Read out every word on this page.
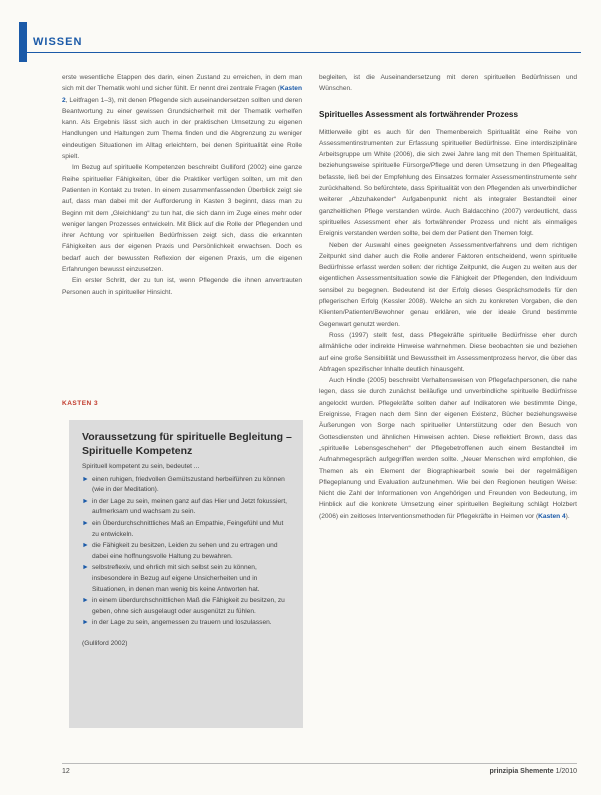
WISSEN

erste wesentliche Etappen des darin, einen Zustand zu erreichen, in dem man sich mit der Thematik wohl und sicher fühlt. Er nennt drei zentrale Fragen (Kasten 2, Leitfragen 1–3), mit denen Pflegende sich auseinandersetzen sollten und deren Beantwortung zu einer gewissen Grundsicherheit mit der Thematik verhelfen kann. Als Ergebnis lässt sich auch in der praktischen Umsetzung zu eigenen Handlungen und Haltungen zum Thema finden und die Abgrenzung zu weniger eindeutigen Situationen im Alltag erleichtern, bei denen Spiritualität eine Rolle spielt.

Im Bezug auf spirituelle Kompetenzen beschreibt Gulliford (2002) eine ganze Reihe spiritueller Fähigkeiten, über die Praktiker verfügen sollten, um mit den Patienten in Kontakt zu treten. In einem zusammenfassenden Überblick zeigt sie auf, dass man dabei mit der Aufforderung in Kasten 3 beginnt, dass man zu Beginn mit dem „Gleichklang“ zu tun hat, die sich dann im Zuge eines mehr oder weniger langen Prozesses entwickeln. Mit Blick auf die Rolle der Pflegenden und ihrer Achtung vor spirituellen Bedürfnissen zeigt sich, dass die erkannten Fähigkeiten aus der eigenen Praxis und Persönlichkeit erwachsen. Doch es bedarf auch der bewussten Reflexion der eigenen Praxis, um die eigenen Erfahrungen bewusst einzusetzen.

Ein erster Schritt, der zu tun ist, wenn Pflegende die ihnen anvertrauten Personen auch in spiritueller Hinsicht.

KASTEN 3
Voraussetzung für spirituelle Begleitung – Spirituelle Kompetenz

Spirituell kompetent zu sein, bedeutet ...

► einen ruhigen, friedvollen Gemütszustand herbeiführen zu können (wie in der Meditation).
► in der Lage zu sein, meinen ganz auf das Hier und Jetzt fokussiert, aufmerksam und wachsam zu sein.
► ein Überdurchschnittliches Maß an Empathie, Feingefühl und Mut zu entwickeln.
► die Fähigkeit zu besitzen, Leiden zu sehen und zu ertragen und dabei eine hoffnungsvolle Haltung zu bewahren.
► selbstreflexiv, und ehrlich mit sich selbst sein zu können, insbesondere in Bezug auf eigene Unsicherheiten und in Situationen, in denen man wenig bis keine Antworten hat.
► in einem überdurchschnittlichen Maß die Fähigkeit zu besitzen, zu geben, ohne sich ausgelaugt oder ausgenützt zu fühlen.
► in der Lage zu sein, angemessen zu trauern und loszulassen.

(Gulliford 2002)

begleiten, ist die Auseinandersetzung mit deren spirituellen Bedürfnissen und Wünschen.

Spirituelles Assessment als fortwährender Prozess

Mittlerweile gibt es auch für den Themenbereich Spiritualität eine Reihe von Assessmentinstrumenten zur Erfassung spiritueller Bedürfnisse. Eine interdisziplinäre Arbeitsgruppe um White (2006), die sich zwei Jahre lang mit den Themen Spiritualität, beziehungsweise spirituelle Fürsorge/Pflege und deren Umsetzung in den Pflegealltag befasste, ließ bei der Empfehlung des Einsatzes formaler Assessmentinstrumente sehr zurückhaltend. So befürchtete, dass Spiritualität von den Pflegenden als unverbindlicher weiterer „Abzuhakender“ Aufgabenpunkt nicht als integraler Bestandteil einer ganzheitlichen Pflege verstanden würde. Auch Baldacchino (2007) verdeutlicht, dass spirituelles Assessment eher als fortwährender Prozess und nicht als einmaliges Ereignis verstanden werden sollte, bei dem der Patient den Themen folgt.

Neben der Auswahl eines geeigneten Assessmentverfahrens und dem richtigen Zeitpunkt sind daher auch die Rolle anderer Faktoren entscheidend, wenn spirituelle Bedürfnisse erfasst werden sollen: der richtige Zeitpunkt, die Augen zu weiten aus der eigentlichen Assessmentsituation sowie die Fähigkeit der Pflegenden, den Individuum sensibel zu begegnen. Bedeutend ist der Erfolg dieses Gesprächsmodells für den pflegerischen Erfolg (Kessler 2008). Welche an sich zu konkreten Vorgaben, die den Klienten/Patienten/Bewohner genau erklären, wie der ideale Grund bestimmte Gegenwart genutzt werden.

Ross (1997) stellt fest, dass Pflegekräfte spirituelle Bedürfnisse eher durch allmähliche oder indirekte Hinweise wahrnehmen. Diese beobachten sie und beziehen auf eine große Sensibilität und Bewusstheit im Assessmentprozess hervor, die über das Abfragen spezifischer Inhalte deutlich hinausgeht.

Auch Hindle (2005) beschreibt Verhaltensweisen von Pflegefachpersonen, die nahe legen, dass sie durch zunächst beiläufige und unverbindliche spirituelle Bedürfnisse angelockt wurden. Pflegekräfte sollten daher auf Indikatoren wie bestimmte Dinge, Ereignisse, Fragen nach dem Sinn der eigenen Existenz, Bücher beziehungsweise Äußerungen von Sorge nach spiritueller Unterstützung oder den Besuch von Gottesdiensten und ähnlichen Hinweisen achten. Diese reflektiert Brown, dass das „spirituelle Lebensgeschehen“ der Pflegebetroffenen auch einem Bestandteil im Aufnahmegespräch aufgegriffen werden sollte. „Neuer Menschen wird empfohlen, die Themen als ein Element der Biographiearbeit sowie bei der regelmäßigen Pflegeplanung und Evaluation aufzunehmen. Wie bei den Regionen heutigen Weise: Nicht die Zahl der Informationen von Angehörigen und Freunden von Bedeutung, im Hinblick auf die konkrete Umsetzung einer spirituellen Begleitung schlägt Holzbert (2006) ein zeitloses Interventionsmethoden für Pflegekräfte in Heimen vor (Kasten 4).

12	prinzipia Shemente 1/2010
